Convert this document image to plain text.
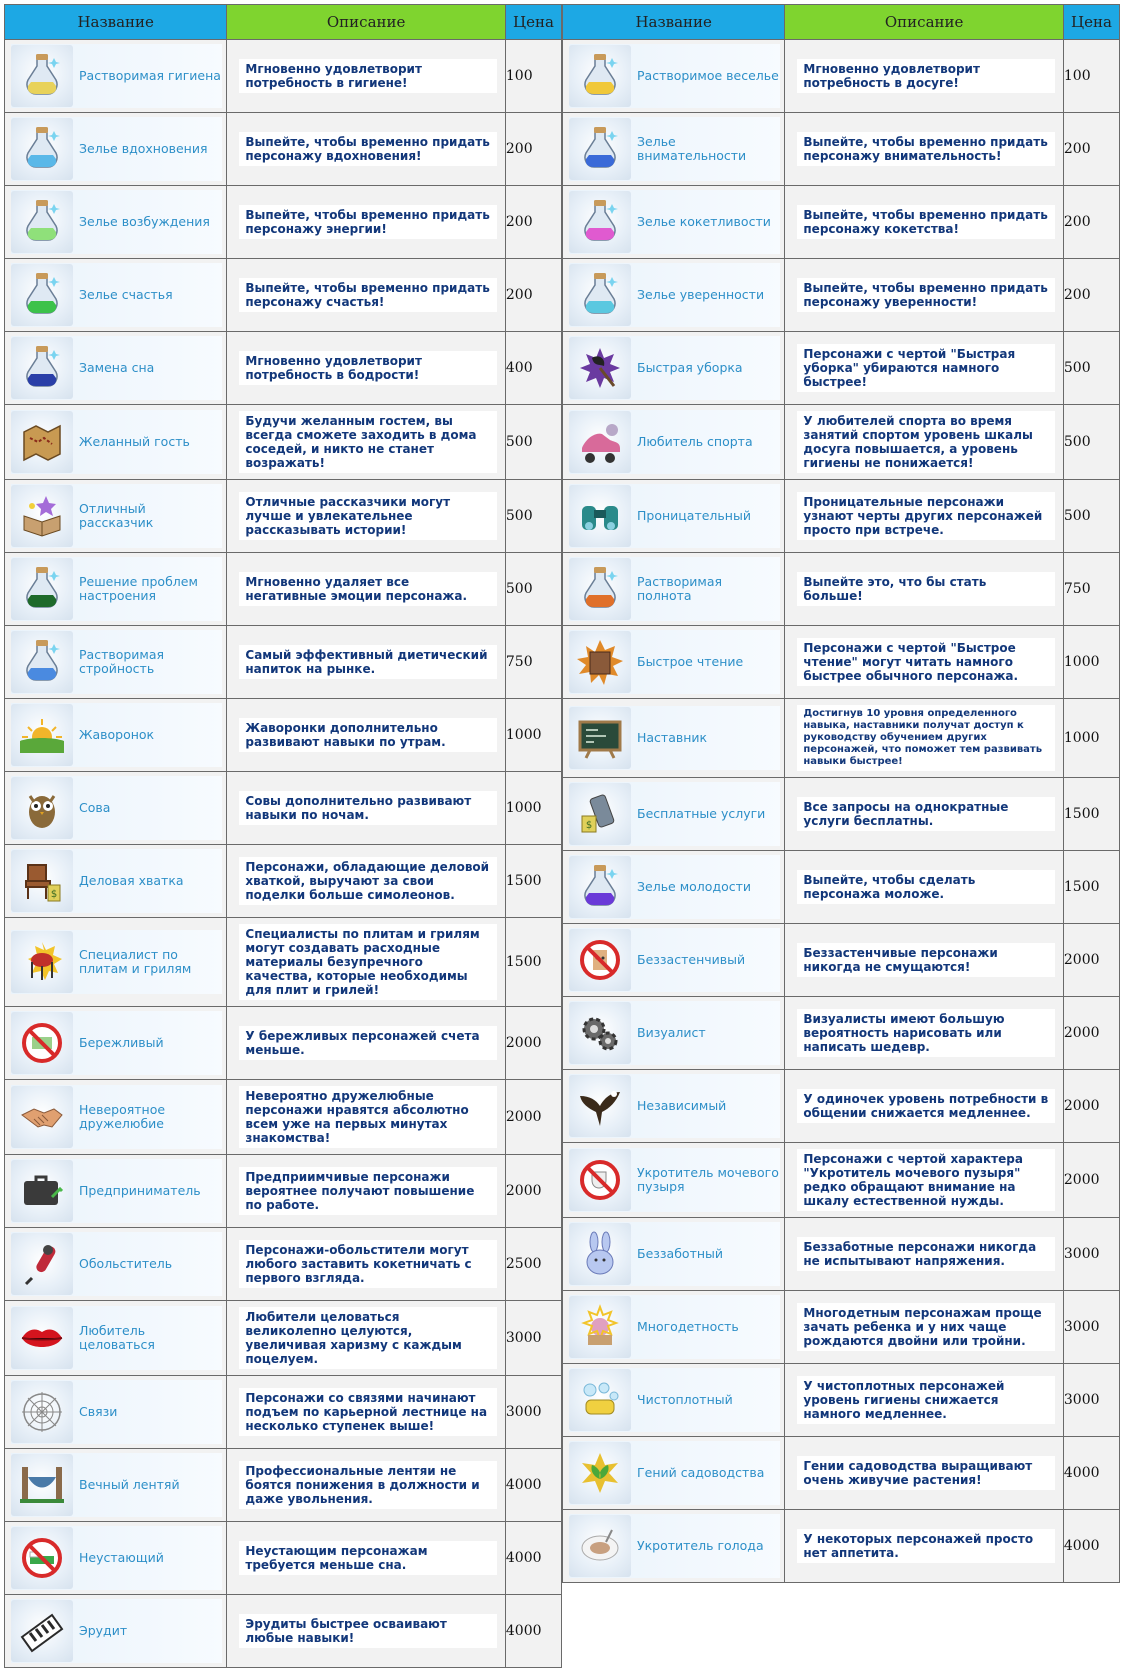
Название	Описание	Цена

Растворимая гигиена	Мгновенно удовлетворит потребность в гигиене!	100

Зелье вдохновения	Выпейте, чтобы временно придать персонажу вдохновения!	200

Зелье возбуждения	Выпейте, чтобы временно придать персонажу энергии!	200

Зелье счастья	Выпейте, чтобы временно придать персонажу счастья!	200

Замена сна	Мгновенно удовлетворит потребность в бодрости!	400

Желанный гость	Будучи желанным гостем, вы всегда сможете заходить в дома соседей, и никто не станет возражать!	500

Отличный рассказчик	Отличные рассказчики могут лучше и увлекательнее рассказывать истории!	500

Решение проблем настроения	Мгновенно удаляет все негативные эмоции персонажа.	500

Растворимая стройность	Самый эффективный диетический напиток на рынке.	750

Жаворонок	Жаворонки дополнительно развивают навыки по утрам.	1000

Сова	Совы дополнительно развивают навыки по ночам.	1000

$
Деловая хватка	Персонажи, обладающие деловой хваткой, выручают за свои поделки больше симолеонов.	1500

Специалист по плитам и грилям	Специалисты по плитам и грилям могут создавать расходные материалы безупречного качества, которые необходимы для плит и грилей!	1500

Бережливый	У бережливых персонажей счета меньше.	2000

Невероятное дружелюбие	Невероятно дружелюбные персонажи нравятся абсолютно всем уже на первых минутах знакомства!	2000

Предприниматель	Предприимчивые персонажи вероятнее получают повышение по работе.	2000

Обольститель	Персонажи-обольстители могут любого заставить кокетничать с первого взгляда.	2500

Любитель целоваться	Любители целоваться великолепно целуются, увеличивая харизму с каждым поцелуем.	3000

Связи	Персонажи со связями начинают подъем по карьерной лестнице на несколько ступенек выше!	3000

Вечный лентяй	Профессиональные лентяи не боятся понижения в должности и даже увольнения.	4000

Неустающий	Неустающим персонажам требуется меньше сна.	4000

Эрудит	Эрудиты быстрее осваивают любые навыки!	4000
Название	Описание	Цена

Растворимое веселье	Мгновенно удовлетворит потребность в досуге!	100

Зелье внимательности	Выпейте, чтобы временно придать персонажу внимательность!	200

Зелье кокетливости	Выпейте, чтобы временно придать персонажу кокетства!	200

Зелье уверенности	Выпейте, чтобы временно придать персонажу уверенности!	200

Быстрая уборка	Персонажи с чертой "Быстрая уборка" убираются намного быстрее!	500

Любитель спорта	У любителей спорта во время занятий спортом уровень шкалы досуга повышается, а уровень гигиены не понижается!	500

Проницательный	Проницательные персонажи узнают черты других персонажей просто при встрече.	500

Растворимая полнота	Выпейте это, что бы стать больше!	750

Быстрое чтение	Персонажи с чертой "Быстрое чтение" могут читать намного быстрее обычного персонажа.	1000

Наставник	Достигнув 10 уровня определенного навыка, наставники получат доступ к руководству обучением других персонажей, что поможет тем развивать навыки быстрее!	1000

$
Бесплатные услуги	Все запросы на однократные услуги бесплатны.	1500

Зелье молодости	Выпейте, чтобы сделать персонажа моложе.	1500

Беззастенчивый	Беззастенчивые персонажи никогда не смущаются!	2000

Визуалист	Визуалисты имеют большую вероятность нарисовать или написать шедевр.	2000

Независимый	У одиночек уровень потребности в общении снижается медленнее.	2000

Укротитель мочевого пузыря	Персонажи с чертой характера "Укротитель мочевого пузыря" редко обращают внимание на шкалу естественной нужды.	2000

Беззаботный	Беззаботные персонажи никогда не испытывают напряжения.	3000

Многодетность	Многодетным персонажам проще зачать ребенка и у них чаще рождаются двойни или тройни.	3000

Чистоплотный	У чистоплотных персонажей уровень гигиены снижается намного медленнее.	3000

Гений садоводства	Гении садоводства выращивают очень живучие растения!	4000

Укротитель голода	У некоторых персонажей просто нет аппетита.	4000
